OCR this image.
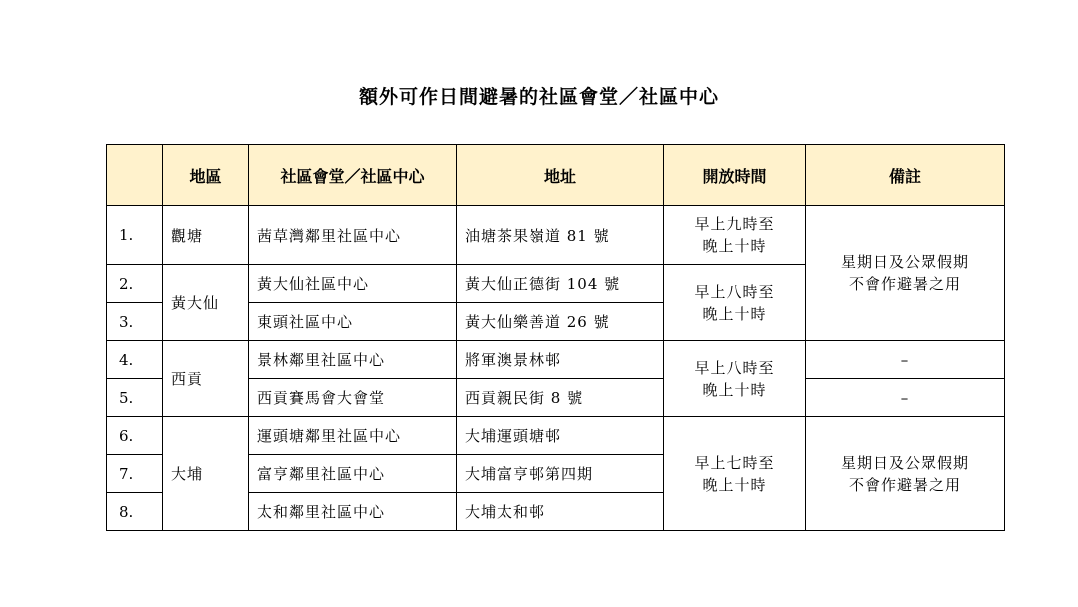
額外可作日間避暑的社區會堂／社區中心
	地區	社區會堂／社區中心	地址	開放時間	備註
1.	觀塘	茜草灣鄰里社區中心	油塘茶果嶺道 81 號	早上九時至
晚上十時	星期日及公眾假期
不會作避暑之用

2.	黃大仙	黃大仙社區中心	黃大仙正德街 104 號	早上八時至
晚上十時	

3.		東頭社區中心	黃大仙樂善道 26 號		
4.	西貢	景林鄰里社區中心	將軍澳景林邨	早上八時至
晚上十時	–
5.		西貢賽馬會大會堂	西貢親民街 8 號		–
6.	大埔	運頭塘鄰里社區中心	大埔運頭塘邨	早上七時至
晚上十時	星期日及公眾假期
不會作避暑之用

7.		富亨鄰里社區中心	大埔富亨邨第四期		
8.		太和鄰里社區中心	大埔太和邨		
